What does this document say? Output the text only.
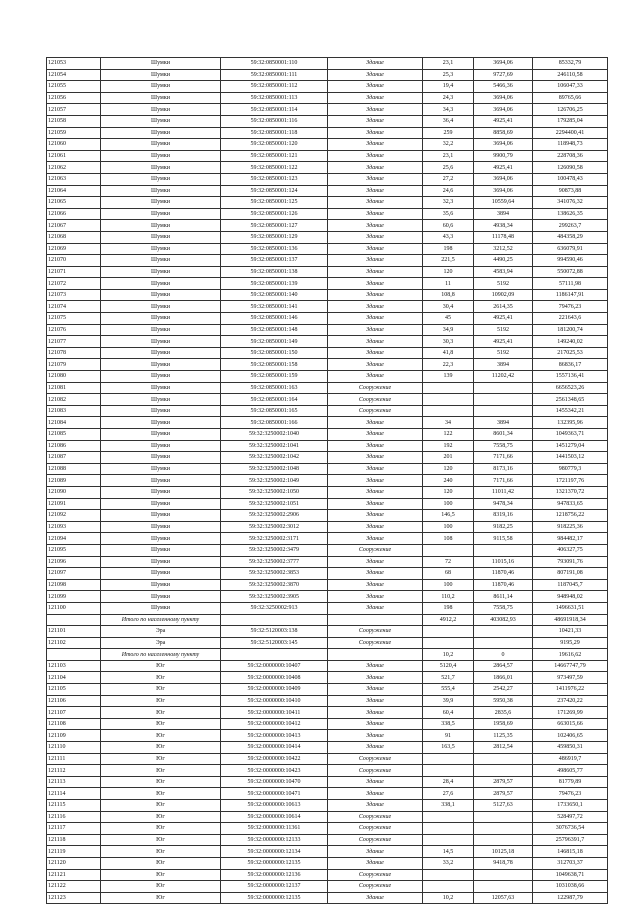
121053	Шумки	59:32:0850001:110	Здание	23,1	3694,06	85332,79
121054	Шумки	59:32:0850001:111	Здание	25,3	9727,69	246110,58
121055	Шумки	59:32:0850001:112	Здание	19,4	5466,36	106047,33
121056	Шумки	59:32:0850001:113	Здание	24,3	3694,06	89765,66
121057	Шумки	59:32:0850001:114	Здание	34,3	3694,06	126706,25
121058	Шумки	59:32:0850001:116	Здание	36,4	4925,41	179285,04
121059	Шумки	59:32:0850001:118	Здание	259	8858,69	2294400,41
121060	Шумки	59:32:0850001:120	Здание	32,2	3694,06	118948,73
121061	Шумки	59:32:0850001:121	Здание	23,1	9900,79	228708,36
121062	Шумки	59:32:0850001:122	Здание	25,6	4925,41	126090,58
121063	Шумки	59:32:0850001:123	Здание	27,2	3694,06	100478,43
121064	Шумки	59:32:0850001:124	Здание	24,6	3694,06	90873,88
121065	Шумки	59:32:0850001:125	Здание	32,3	10559,64	341076,32
121066	Шумки	59:32:0850001:126	Здание	35,6	3894	138626,35
121067	Шумки	59:32:0850001:127	Здание	60,6	4938,34	299263,7
121068	Шумки	59:32:0850001:129	Здание	43,3	11178,48	484358,29
121069	Шумки	59:32:0850001:136	Здание	198	3212,52	636079,91
121070	Шумки	59:32:0850001:137	Здание	221,5	4490,25	994590,46
121071	Шумки	59:32:0850001:138	Здание	120	4583,94	550072,88
121072	Шумки	59:32:0850001:139	Здание	11	5192	57111,98
121073	Шумки	59:32:0850001:140	Здание	108,8	10902,09	1186147,91
121074	Шумки	59:32:0850001:141	Здание	30,4	2614,35	79476,23
121075	Шумки	59:32:0850001:146	Здание	45	4925,41	221643,6
121076	Шумки	59:32:0850001:148	Здание	34,9	5192	181200,74
121077	Шумки	59:32:0850001:149	Здание	30,3	4925,41	149240,02
121078	Шумки	59:32:0850001:150	Здание	41,8	5192	217025,53
121079	Шумки	59:32:0850001:158	Здание	22,3	3894	86836,17
121080	Шумки	59:32:0850001:159	Здание	139	11202,42	1557136,41
121081	Шумки	59:32:0850001:163	Сооружение			6656523,26
121082	Шумки	59:32:0850001:164	Сооружение			2561348,65
121083	Шумки	59:32:0850001:165	Сооружение			1455342,21
121084	Шумки	59:32:0850001:166	Здание	34	3894	132395,96
121085	Шумки	59:32:3250002:1040	Здание	122	8601,34	1049363,71
121086	Шумки	59:32:3250002:1041	Здание	192	7558,75	1451279,04
121087	Шумки	59:32:3250002:1042	Здание	201	7171,66	1441503,12
121088	Шумки	59:32:3250002:1048	Здание	120	8173,16	980779,3
121089	Шумки	59:32:3250002:1049	Здание	240	7171,66	1721197,76
121090	Шумки	59:32:3250002:1050	Здание	120	11011,42	1321370,72
121091	Шумки	59:32:3250002:1051	Здание	100	9478,34	947833,65
121092	Шумки	59:32:3250002:2906	Здание	146,5	8319,16	1218756,22
121093	Шумки	59:32:3250002:3012	Здание	100	9182,25	918225,36
121094	Шумки	59:32:3250002:3171	Здание	108	9115,58	984482,17
121095	Шумки	59:32:3250002:3479	Сооружение			406327,75
121096	Шумки	59:32:3250002:3777	Здание	72	11015,16	793091,76
121097	Шумки	59:32:3250002:3853	Здание	68	11870,46	807191,08
121098	Шумки	59:32:3250002:3870	Здание	100	11870,46	1187045,7
121099	Шумки	59:32:3250002:3905	Здание	110,2	8611,14	948948,02
121100	Шумки	59:32:3250002:913	Здание	198	7558,75	1496631,51
	Итого по населенному пункту			4912,2	403082,93	48691918,34
121101	Эра	59:32:5120003:138	Сооружение			10421,33
121102	Эра	59:32:5120003:145	Сооружение			9195,29
	Итого по населенному пункту			10,2	0	19616,62
121103	Юг	59:32:0000000:10407	Здание	5120,4	2864,57	14667747,79
121104	Юг	59:32:0000000:10408	Здание	521,7	1866,01	973497,59
121105	Юг	59:32:0000000:10409	Здание	555,4	2542,27	1411976,22
121106	Юг	59:32:0000000:10410	Здание	39,9	5950,38	237420,22
121107	Юг	59:32:0000000:10411	Здание	60,4	2835,6	171269,99
121108	Юг	59:32:0000000:10412	Здание	338,5	1958,69	663015,66
121109	Юг	59:32:0000000:10413	Здание	91	1125,35	102406,65
121110	Юг	59:32:0000000:10414	Здание	163,5	2812,54	459850,31
121111	Юг	59:32:0000000:10422	Сооружение			486919,7
121112	Юг	59:32:0000000:10423	Сооружение			498605,77
121113	Юг	59:32:0000000:10470	Здание	28,4	2879,57	81779,89
121114	Юг	59:32:0000000:10471	Здание	27,6	2879,57	79476,23
121115	Юг	59:32:0000000:10613	Здание	338,1	5127,63	1733650,1
121116	Юг	59:32:0000000:10614	Сооружение			528497,72
121117	Юг	59:32:0000000:11361	Сооружение			3076736,54
121118	Юг	59:32:0000000:12133	Сооружение			25796391,7
121119	Юг	59:32:0000000:12134	Здание	14,5	10125,18	146815,18
121120	Юг	59:32:0000000:12135	Здание	33,2	9418,78	312703,37
121121	Юг	59:32:0000000:12136	Сооружение			1049638,71
121122	Юг	59:32:0000000:12137	Сооружение			1031038,66
121123	Юг	59:32:0000000:12135	Здание	10,2	12057,63	122987,79
